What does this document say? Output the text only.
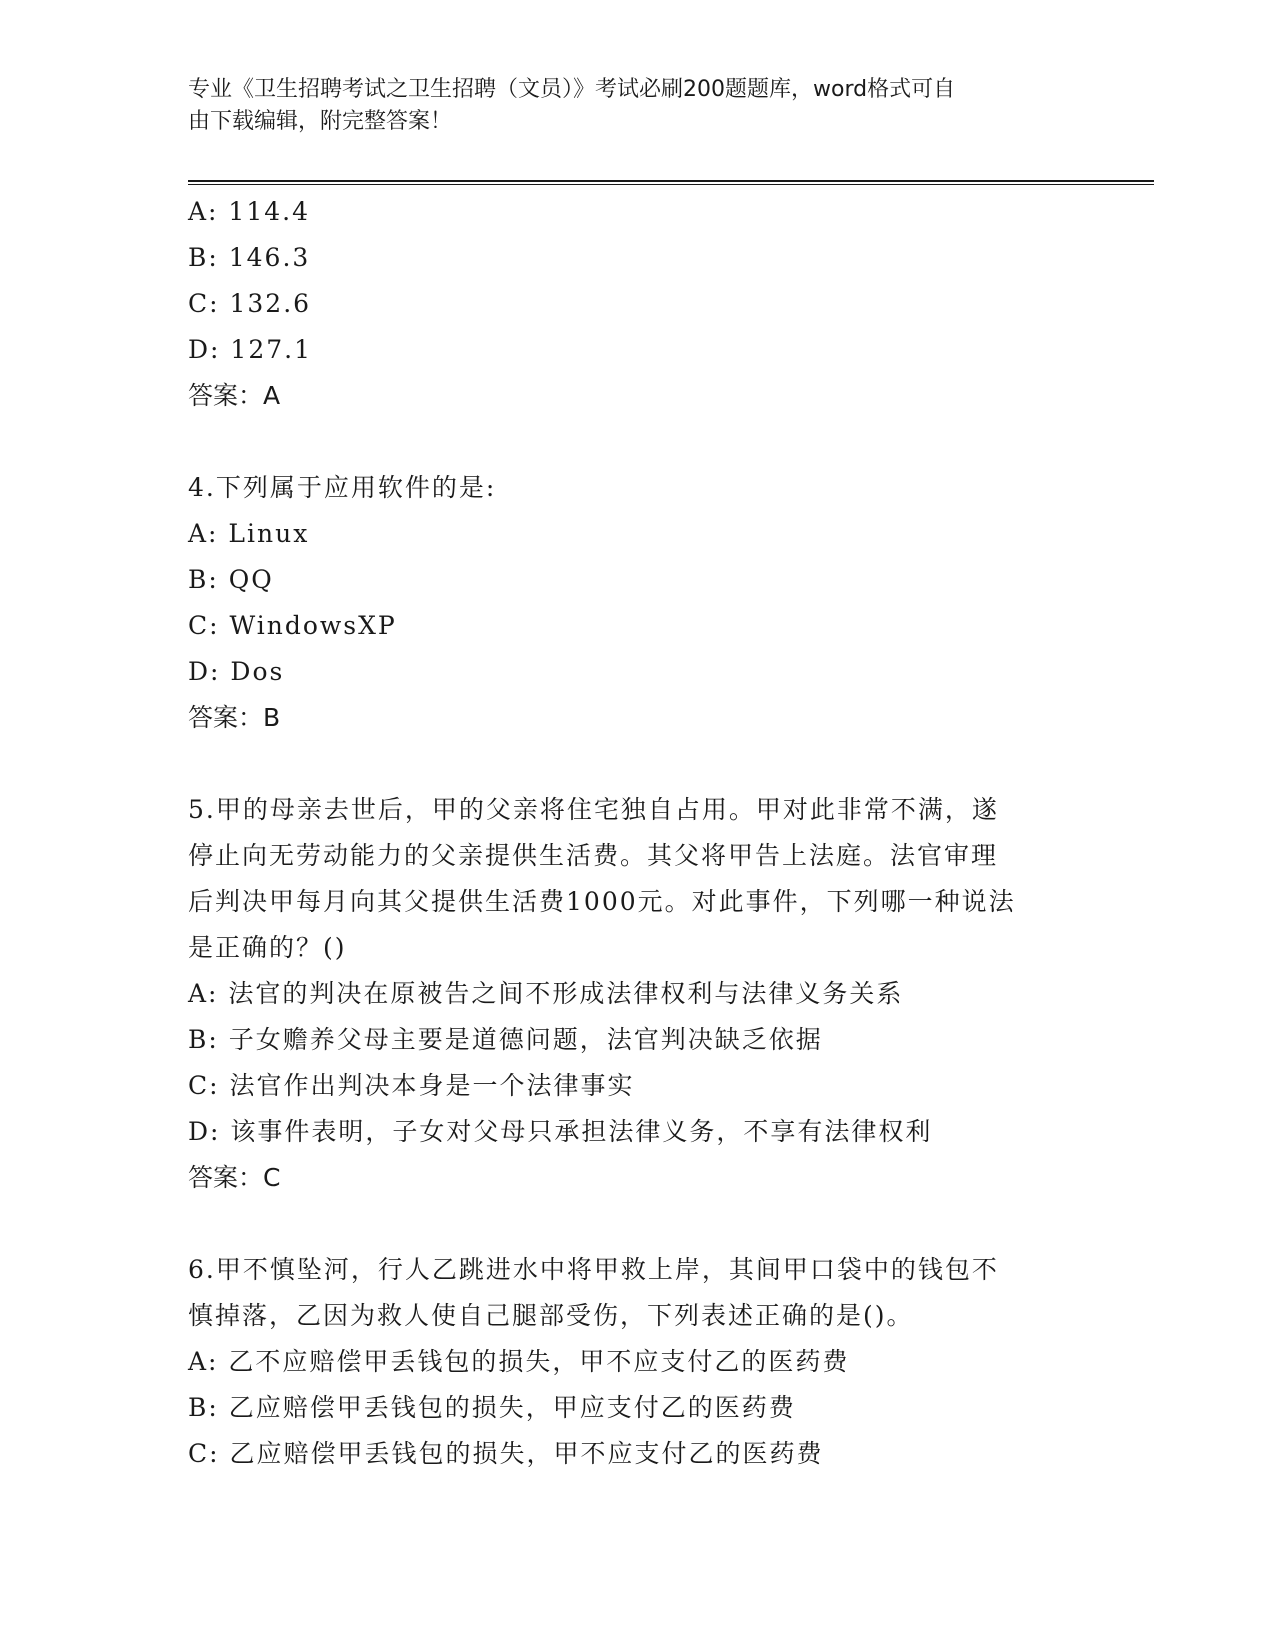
专业《卫生招聘考试之卫生招聘（文员）》考试必刷200题题库，word格式可自
由下载编辑，附完整答案！
A: 114.4
B: 146.3
C: 132.6
D: 127.1
答案：A
4.下列属于应用软件的是:
A: Linux
B: QQ
C: WindowsXP
D: Dos
答案：B
5.甲的母亲去世后，甲的父亲将住宅独自占用。甲对此非常不满，遂
停止向无劳动能力的父亲提供生活费。其父将甲告上法庭。法官审理
后判决甲每月向其父提供生活费1000元。对此事件，下列哪一种说法
是正确的？()
A: 法官的判决在原被告之间不形成法律权利与法律义务关系
B: 子女赡养父母主要是道德问题，法官判决缺乏依据
C: 法官作出判决本身是一个法律事实
D: 该事件表明，子女对父母只承担法律义务，不享有法律权利
答案：C
6.甲不慎坠河，行人乙跳进水中将甲救上岸，其间甲口袋中的钱包不
慎掉落，乙因为救人使自己腿部受伤，下列表述正确的是()。
A: 乙不应赔偿甲丢钱包的损失，甲不应支付乙的医药费
B: 乙应赔偿甲丢钱包的损失，甲应支付乙的医药费
C: 乙应赔偿甲丢钱包的损失，甲不应支付乙的医药费
